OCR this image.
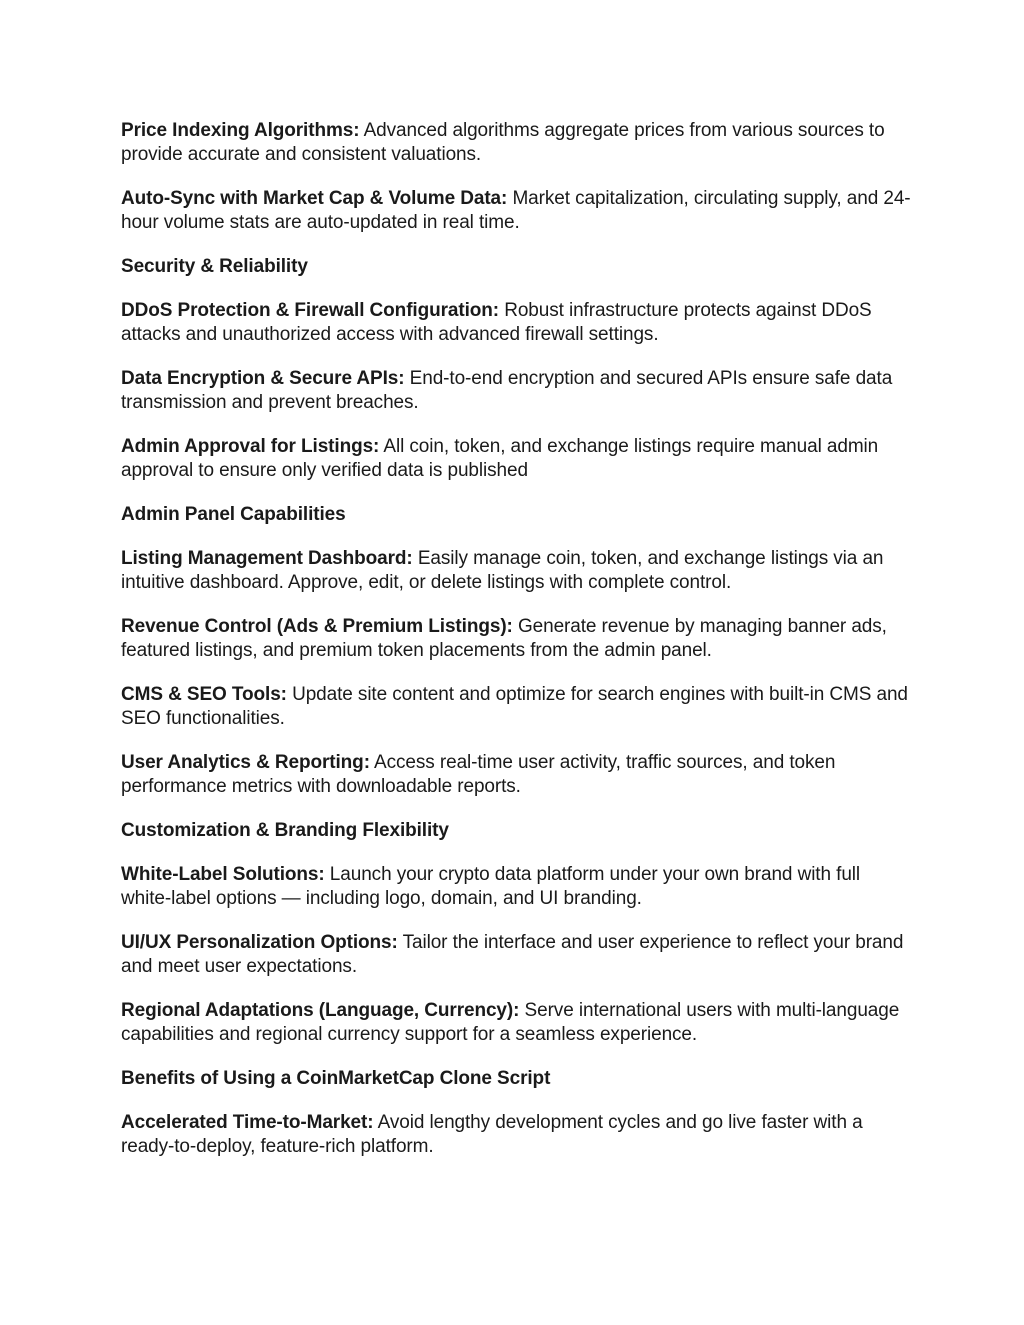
Price Indexing Algorithms: Advanced algorithms aggregate prices from various sources to provide accurate and consistent valuations.

Auto-Sync with Market Cap & Volume Data: Market capitalization, circulating supply, and 24-hour volume stats are auto-updated in real time.

Security & Reliability

DDoS Protection & Firewall Configuration: Robust infrastructure protects against DDoS attacks and unauthorized access with advanced firewall settings.

Data Encryption & Secure APIs: End-to-end encryption and secured APIs ensure safe data transmission and prevent breaches.

Admin Approval for Listings: All coin, token, and exchange listings require manual admin approval to ensure only verified data is published

Admin Panel Capabilities

Listing Management Dashboard: Easily manage coin, token, and exchange listings via an intuitive dashboard. Approve, edit, or delete listings with complete control.

Revenue Control (Ads & Premium Listings): Generate revenue by managing banner ads, featured listings, and premium token placements from the admin panel.

CMS & SEO Tools: Update site content and optimize for search engines with built-in CMS and SEO functionalities.

User Analytics & Reporting: Access real-time user activity, traffic sources, and token performance metrics with downloadable reports.

Customization & Branding Flexibility

White-Label Solutions: Launch your crypto data platform under your own brand with full white-label options — including logo, domain, and UI branding.

UI/UX Personalization Options: Tailor the interface and user experience to reflect your brand and meet user expectations.

Regional Adaptations (Language, Currency): Serve international users with multi-language capabilities and regional currency support for a seamless experience.

Benefits of Using a CoinMarketCap Clone Script

Accelerated Time-to-Market: Avoid lengthy development cycles and go live faster with a ready-to-deploy, feature-rich platform.
